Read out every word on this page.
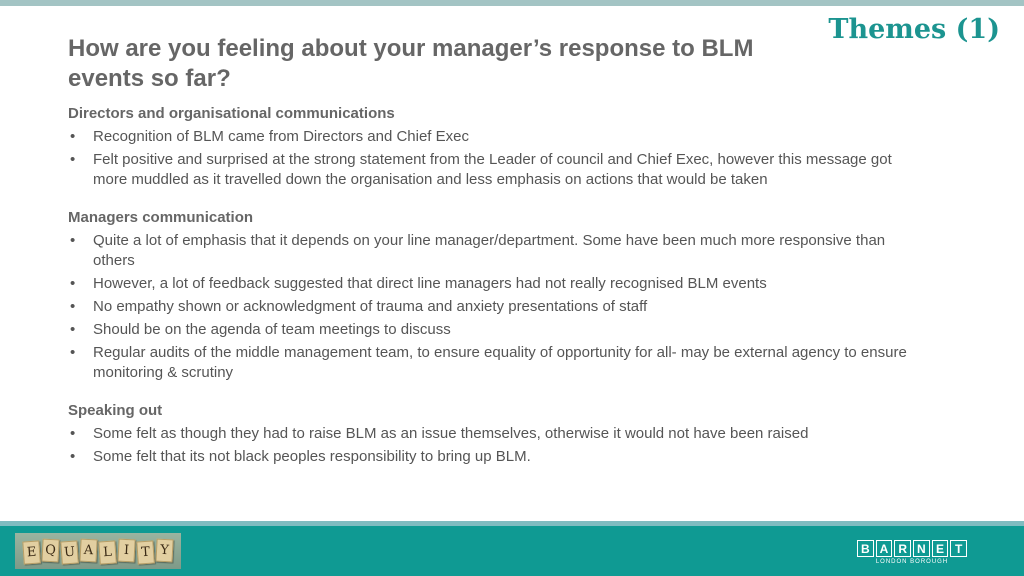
Themes (1)
How are you feeling about your manager’s response to BLM events so far?
Directors and organisational communications
• Recognition of BLM came from Directors and Chief Exec
• Felt positive and surprised at the strong statement from the Leader of council and Chief Exec, however this message got more muddled as it travelled down the organisation and less emphasis on actions that would be taken
Managers communication
• Quite a lot of emphasis that it depends on your line manager/department. Some have been much more responsive than others
• However, a lot of feedback suggested that direct line managers had not really recognised BLM events
• No empathy shown or acknowledgment of trauma and anxiety presentations of staff
• Should be on the agenda of team meetings to discuss
• Regular audits of the middle management team, to ensure equality of opportunity for all- may be external agency to ensure monitoring & scrutiny
Speaking out
• Some felt as though they had to raise BLM as an issue themselves, otherwise it would not have been raised
• Some felt that its not black peoples responsibility to bring up BLM.
E Q U A L I T Y	B A R N E T
LONDON BOROUGH
